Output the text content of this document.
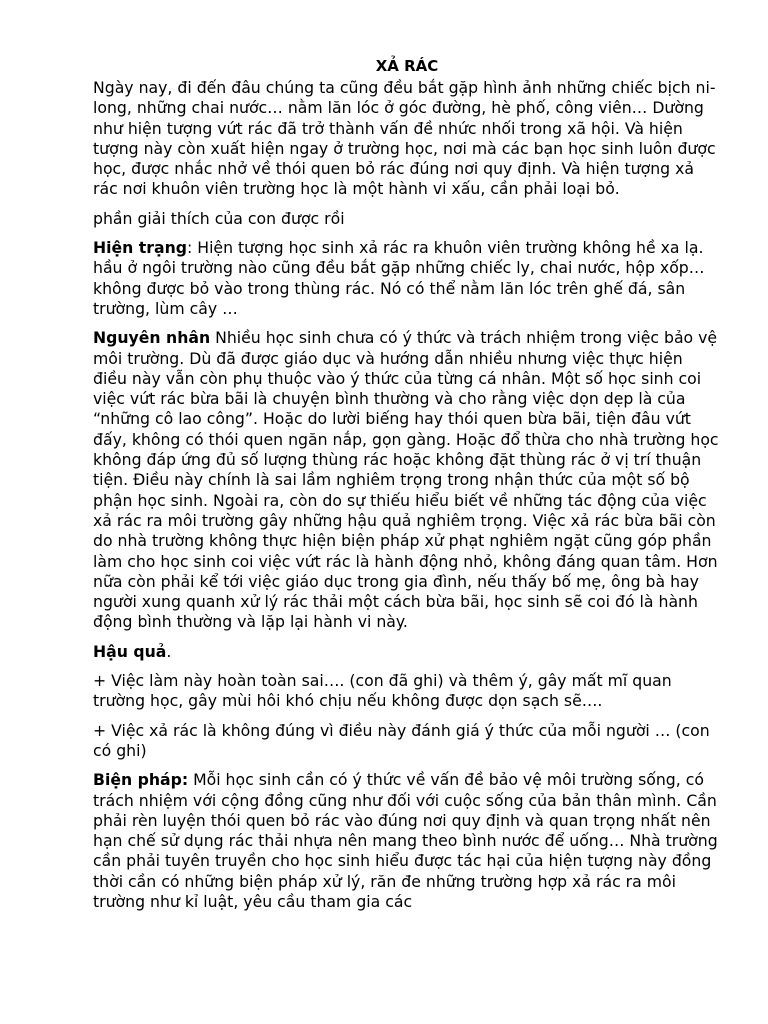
XẢ RÁC

Ngày nay, đi đến đâu chúng ta cũng đều bắt gặp hình ảnh những chiếc bịch ni-long, những chai nước… nằm lăn lóc ở góc đường, hè phố, công viên… Dường như hiện tượng vứt rác đã trở thành vấn đề nhức nhối trong xã hội. Và hiện tượng này còn xuất hiện ngay ở trường học, nơi mà các bạn học sinh luôn được học, được nhắc nhở về thói quen bỏ rác đúng nơi quy định. Và hiện tượng xả rác nơi khuôn viên trường học là một hành vi xấu, cần phải loại bỏ.

phần giải thích của con được rồi

Hiện trạng: Hiện tượng học sinh xả rác ra khuôn viên trường không hề xa lạ. hầu ở ngôi trường nào cũng đều bắt gặp những chiếc ly, chai nước, hộp xốp… không được bỏ vào trong thùng rác. Nó có thể nằm lăn lóc trên ghế đá, sân trường, lùm cây …

Nguyên nhân Nhiều học sinh chưa có ý thức và trách nhiệm trong việc bảo vệ môi trường. Dù đã được giáo dục và hướng dẫn nhiều nhưng việc thực hiện điều này vẫn còn phụ thuộc vào ý thức của từng cá nhân. Một số học sinh coi việc vứt rác bừa bãi là chuyện bình thường và cho rằng việc dọn dẹp là của “những cô lao công”. Hoặc do lười biếng hay thói quen bừa bãi, tiện đâu vứt đấy, không có thói quen ngăn nắp, gọn gàng. Hoặc đổ thừa cho nhà trường học không đáp ứng đủ số lượng thùng rác hoặc không đặt thùng rác ở vị trí thuận tiện. Điều này chính là sai lầm nghiêm trọng trong nhận thức của một số bộ phận học sinh. Ngoài ra, còn do sự thiếu hiểu biết về những tác động của việc xả rác ra môi trường gây những hậu quả nghiêm trọng. Việc xả rác bừa bãi còn do nhà trường không thực hiện biện pháp xử phạt nghiêm ngặt cũng góp phần làm cho học sinh coi việc vứt rác là hành động nhỏ, không đáng quan tâm. Hơn nữa còn phải kể tới việc giáo dục trong gia đình, nếu thấy bố mẹ, ông bà hay người xung quanh xử lý rác thải một cách bừa bãi, học sinh sẽ coi đó là hành động bình thường và lặp lại hành vi này.

Hậu quả.

+ Việc làm này hoàn toàn sai…. (con đã ghi) và thêm ý, gây mất mĩ quan trường học, gây mùi hôi khó chịu nếu không được dọn sạch sẽ….

+ Việc xả rác là không đúng vì điều này đánh giá ý thức của mỗi người … (con có ghi)

Biện pháp: Mỗi học sinh cần có ý thức về vấn đề bảo vệ môi trường sống, có trách nhiệm với cộng đồng cũng như đối với cuộc sống của bản thân mình. Cần phải rèn luyện thói quen bỏ rác vào đúng nơi quy định và quan trọng nhất nên hạn chế sử dụng rác thải nhựa nên mang theo bình nước để uống… Nhà trường cần phải tuyên truyền cho học sinh hiểu được tác hại của hiện tượng này đồng thời cần có những biện pháp xử lý, răn đe những trường hợp xả rác ra môi trường như kỉ luật, yêu cầu tham gia các
